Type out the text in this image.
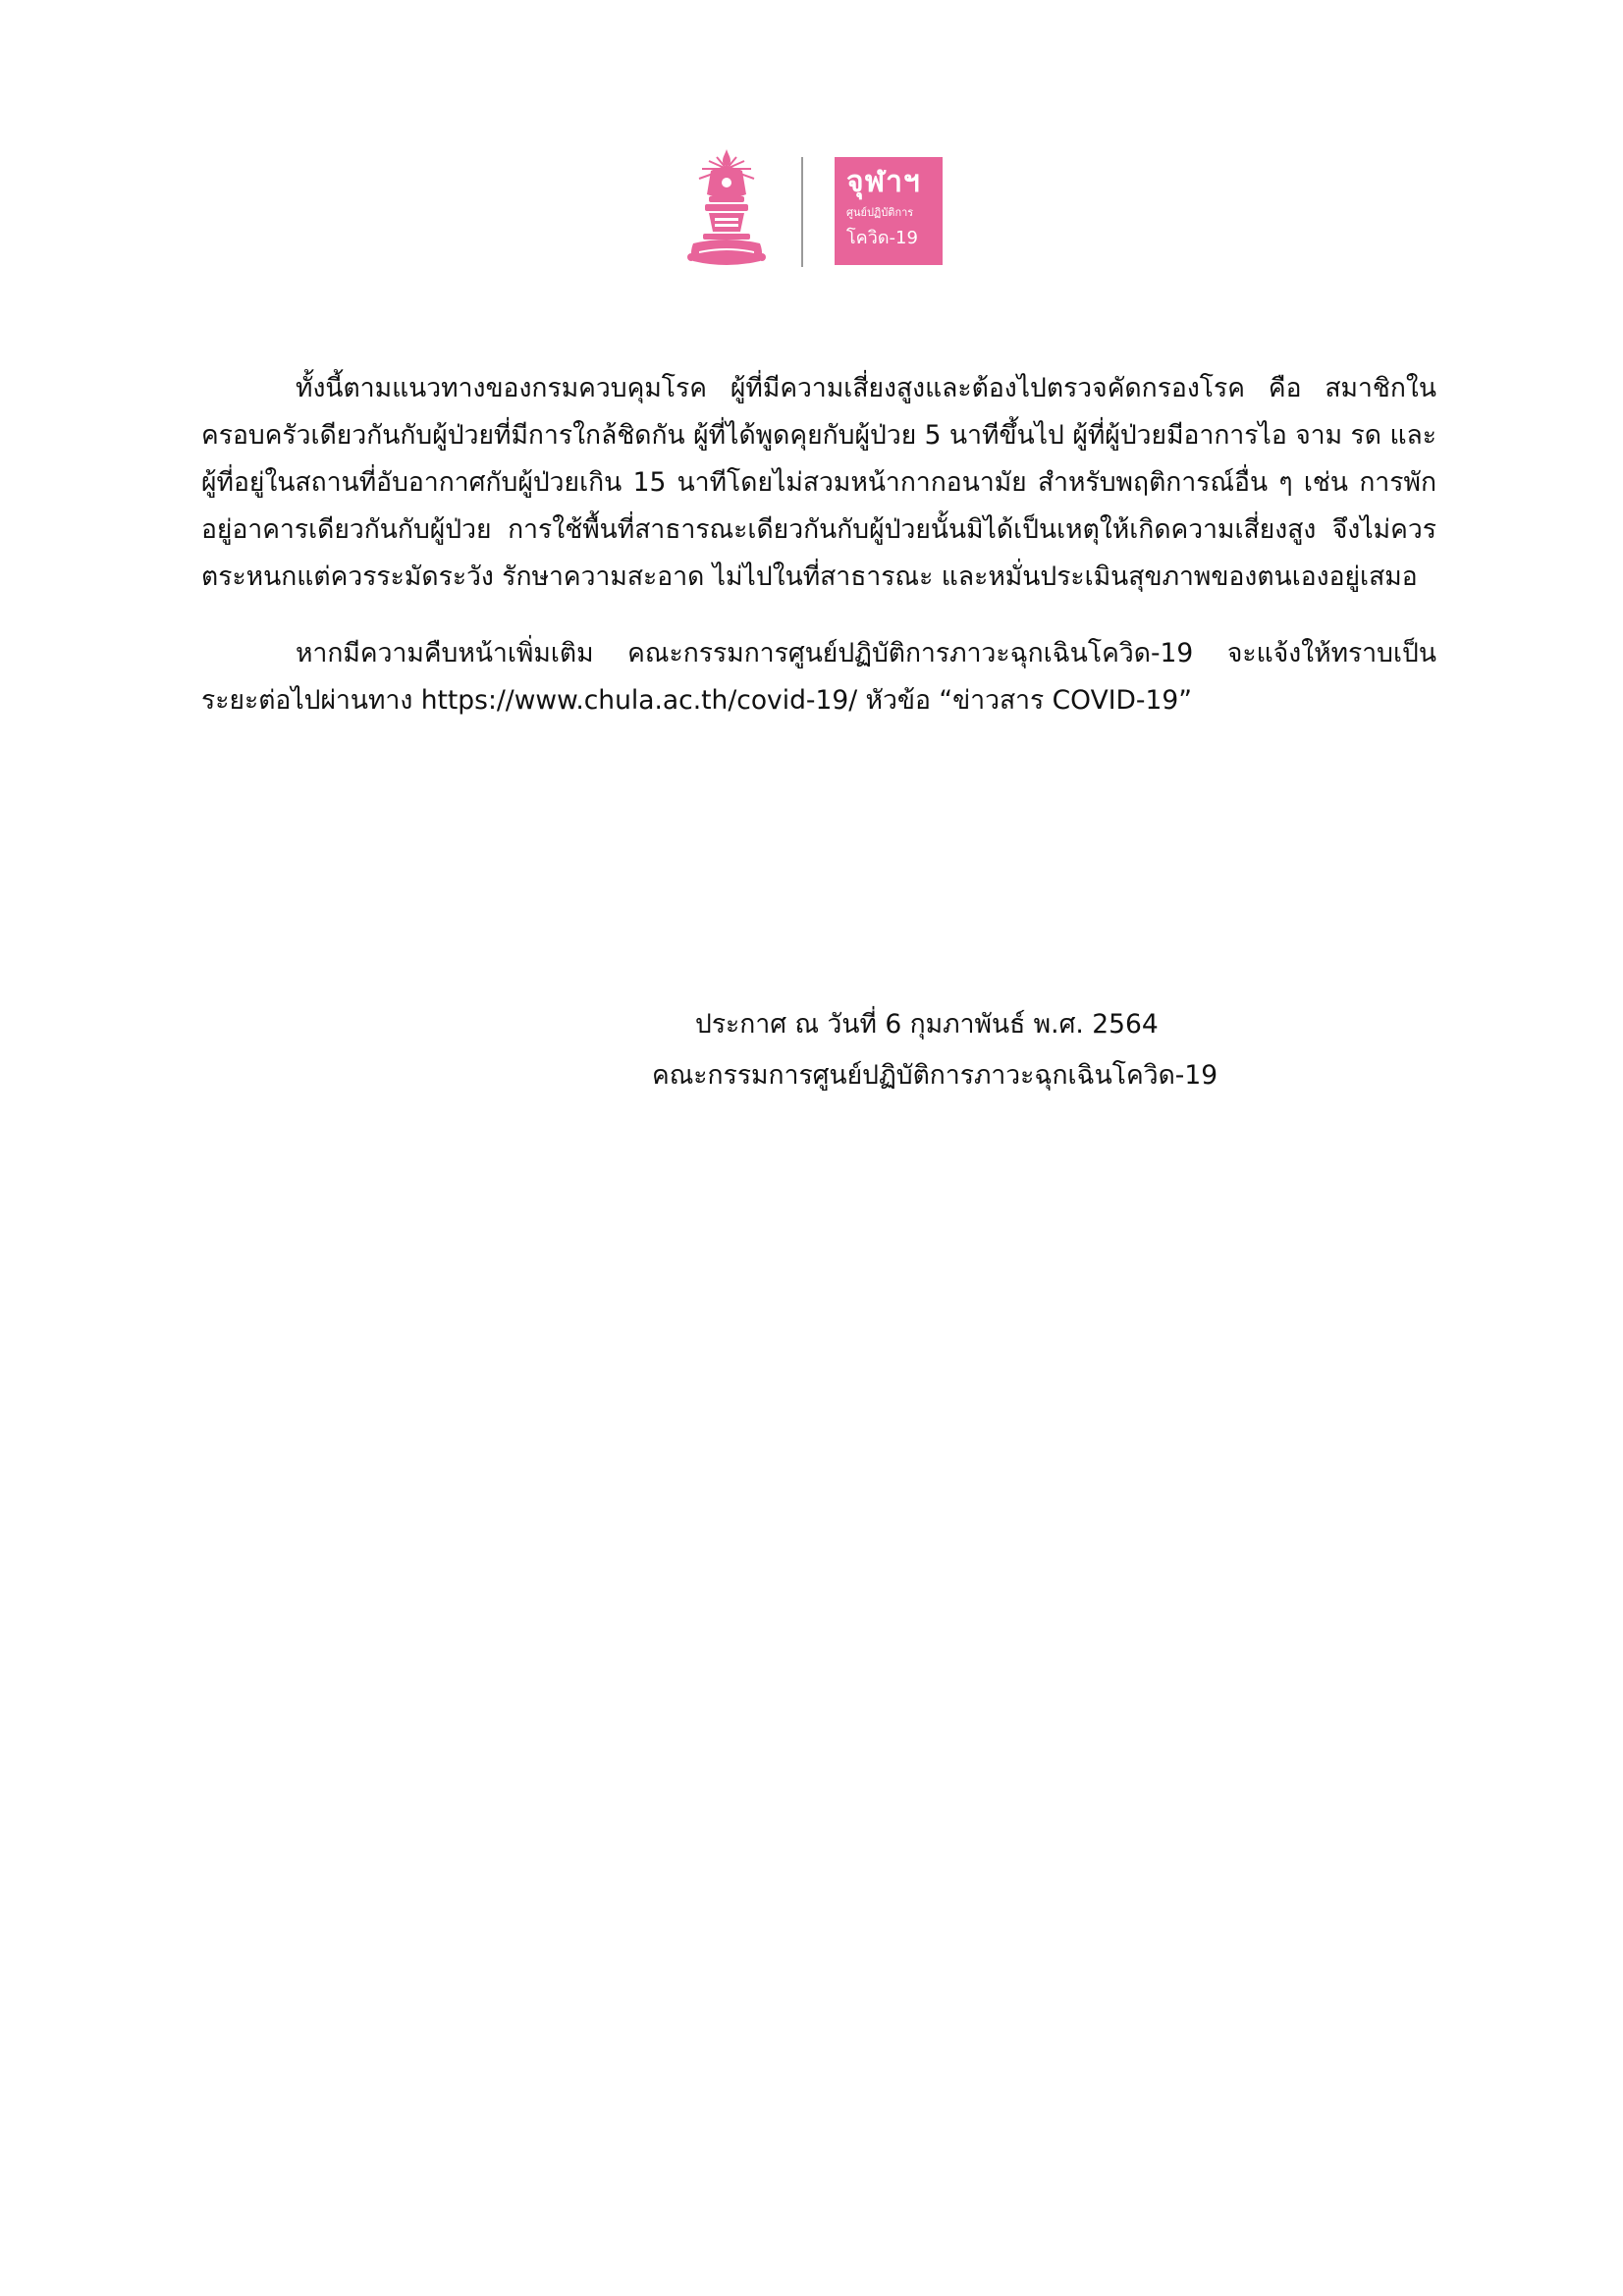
จุฬาฯ
ศูนย์ปฏิบัติการ
โควิด-19

ทั้งนี้ตามแนวทางของกรมควบคุมโรค ผู้ที่มีความเสี่ยงสูงและต้องไปตรวจคัดกรองโรค คือ สมาชิกในครอบครัวเดียวกันกับผู้ป่วยที่มีการใกล้ชิดกัน ผู้ที่ได้พูดคุยกับผู้ป่วย 5 นาทีขึ้นไป ผู้ที่ผู้ป่วยมีอาการไอ จาม รด และผู้ที่อยู่ในสถานที่อับอากาศกับผู้ป่วยเกิน 15 นาทีโดยไม่สวมหน้ากากอนามัย สำหรับพฤติการณ์อื่น ๆ เช่น การพักอยู่อาคารเดียวกันกับผู้ป่วย การใช้พื้นที่สาธารณะเดียวกันกับผู้ป่วยนั้นมิได้เป็นเหตุให้เกิดความเสี่ยงสูง จึงไม่ควรตระหนกแต่ควรระมัดระวัง รักษาความสะอาด ไม่ไปในที่สาธารณะ และหมั่นประเมินสุขภาพของตนเองอยู่เสมอ

หากมีความคืบหน้าเพิ่มเติม คณะกรรมการศูนย์ปฏิบัติการภาวะฉุกเฉินโควิด-19 จะแจ้งให้ทราบเป็นระยะต่อไปผ่านทาง https://www.chula.ac.th/covid-19/ หัวข้อ “ข่าวสาร COVID-19”

ประกาศ ณ วันที่ 6 กุมภาพันธ์ พ.ศ. 2564
คณะกรรมการศูนย์ปฏิบัติการภาวะฉุกเฉินโควิด-19
